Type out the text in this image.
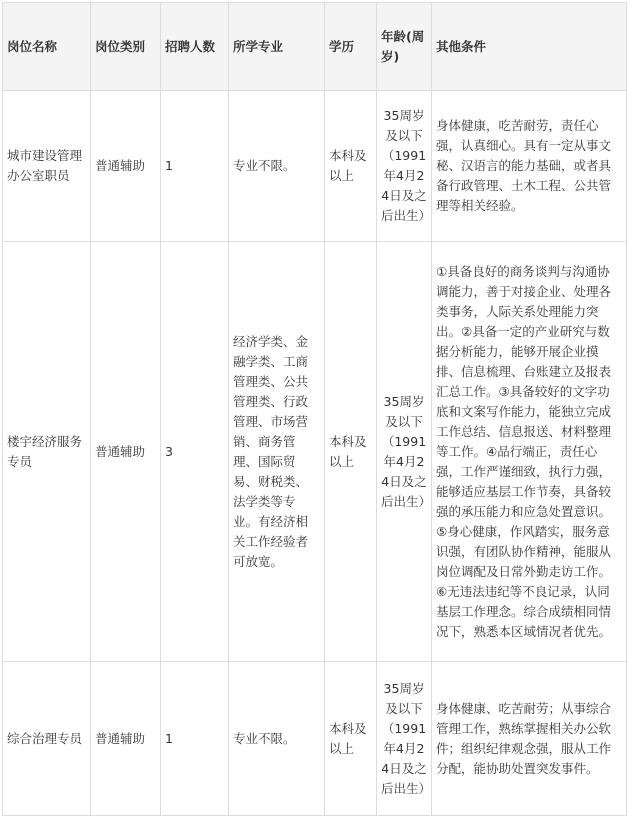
岗位名称	岗位类别	招聘人数	所学专业	学历	年龄(周岁)	其他条件
城市建设管理办公室职员	普通辅助	1	专业不限。	本科及以上	35周岁及以下（1991年4月24日及之后出生）	身体健康，吃苦耐劳，责任心强，认真细心。具有一定从事文秘、汉语言的能力基础，或者具备行政管理、土木工程、公共管理等相关经验。
楼宇经济服务专员	普通辅助	3	经济学类、金融学类、工商管理类、公共管理类、行政管理、市场营销、商务管理、国际贸易、财税类、法学类等专业。有经济相关工作经验者可放宽。	本科及以上	35周岁及以下（1991年4月24日及之后出生）	①具备良好的商务谈判与沟通协调能力，善于对接企业、处理各类事务，人际关系处理能力突出。②具备一定的产业研究与数据分析能力，能够开展企业摸排、信息梳理、台账建立及报表汇总工作。③具备较好的文字功底和文案写作能力，能独立完成工作总结、信息报送、材料整理等工作。④品行端正，责任心强，工作严谨细致，执行力强，能够适应基层工作节奏，具备较强的承压能力和应急处置意识。⑤身心健康，作风踏实，服务意识强，有团队协作精神，能服从岗位调配及日常外勤走访工作。⑥无违法违纪等不良记录，认同基层工作理念。综合成绩相同情况下，熟悉本区域情况者优先。
综合治理专员	普通辅助	1	专业不限。	本科及以上	35周岁及以下（1991年4月24日及之后出生）	身体健康、吃苦耐劳；从事综合管理工作，熟练掌握相关办公软件；组织纪律观念强，服从工作分配，能协助处置突发事件。
